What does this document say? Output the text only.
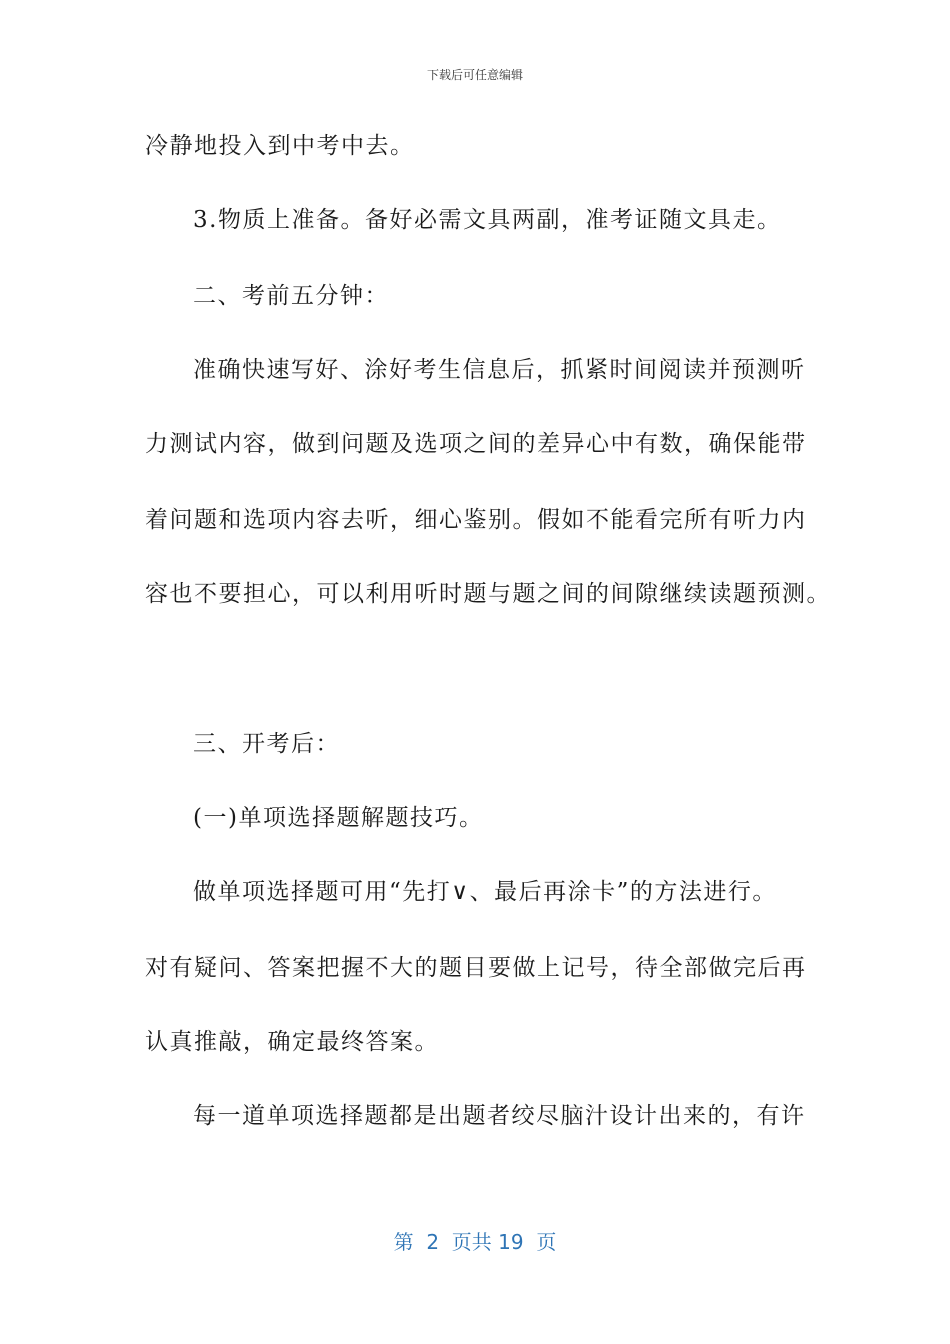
下载后可任意编辑
冷静地投入到中考中去。
3.物质上准备。备好必需文具两副，准考证随文具走。
二、考前五分钟：
准确快速写好、涂好考生信息后，抓紧时间阅读并预测听
力测试内容，做到问题及选项之间的差异心中有数，确保能带
着问题和选项内容去听，细心鉴别。假如不能看完所有听力内
容也不要担心，可以利用听时题与题之间的间隙继续读题预测。
三、开考后：
(一)单项选择题解题技巧。
做单项选择题可用“先打∨、最后再涂卡”的方法进行。
对有疑问、答案把握不大的题目要做上记号，待全部做完后再
认真推敲，确定最终答案。
每一道单项选择题都是出题者绞尽脑汁设计出来的，有许
第  2  页共 19  页
